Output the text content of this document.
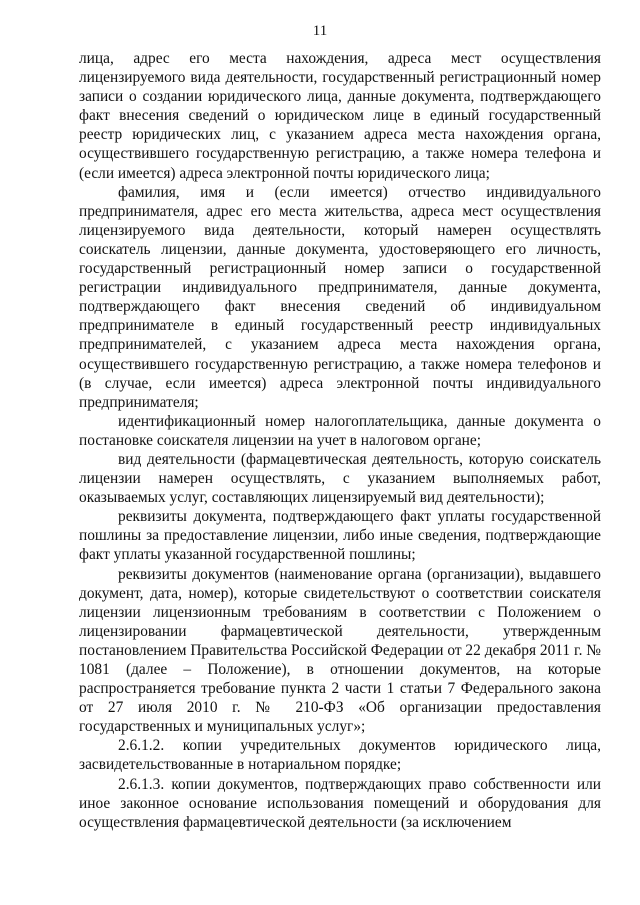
11

лица, адрес его места нахождения, адреса мест осуществления лицензируемого вида деятельности, государственный регистрационный номер записи о создании юридического лица, данные документа, подтверждающего факт внесения сведений о юридическом лице в единый государственный реестр юридических лиц, с указанием адреса места нахождения органа, осуществившего государственную регистрацию, а также номера телефона и (если имеется) адреса электронной почты юридического лица;

фамилия, имя и (если имеется) отчество индивидуального предпринимателя, адрес его места жительства, адреса мест осуществления лицензируемого вида деятельности, который намерен осуществлять соискатель лицензии, данные документа, удостоверяющего его личность, государственный регистрационный номер записи о государственной регистрации индивидуального предпринимателя, данные документа, подтверждающего факт внесения сведений об индивидуальном предпринимателе в единый государственный реестр индивидуальных предпринимателей, с указанием адреса места нахождения органа, осуществившего государственную регистрацию, а также номера телефонов и (в случае, если имеется) адреса электронной почты индивидуального предпринимателя;

идентификационный номер налогоплательщика, данные документа о постановке соискателя лицензии на учет в налоговом органе;

вид деятельности (фармацевтическая деятельность, которую соискатель лицензии намерен осуществлять, с указанием выполняемых работ, оказываемых услуг, составляющих лицензируемый вид деятельности);

реквизиты документа, подтверждающего факт уплаты государственной пошлины за предоставление лицензии, либо иные сведения, подтверждающие факт уплаты указанной государственной пошлины;

реквизиты документов (наименование органа (организации), выдавшего документ, дата, номер), которые свидетельствуют о соответствии соискателя лицензии лицензионным требованиям в соответствии с Положением о лицензировании фармацевтической деятельности, утвержденным постановлением Правительства Российской Федерации от 22 декабря 2011 г. № 1081 (далее – Положение), в отношении документов, на которые распространяется требование пункта 2 части 1 статьи 7 Федерального закона от 27 июля 2010 г. № 210-ФЗ «Об организации предоставления государственных и муниципальных услуг»;

2.6.1.2. копии учредительных документов юридического лица, засвидетельствованные в нотариальном порядке;

2.6.1.3. копии документов, подтверждающих право собственности или иное законное основание использования помещений и оборудования для осуществления фармацевтической деятельности (за исключением
